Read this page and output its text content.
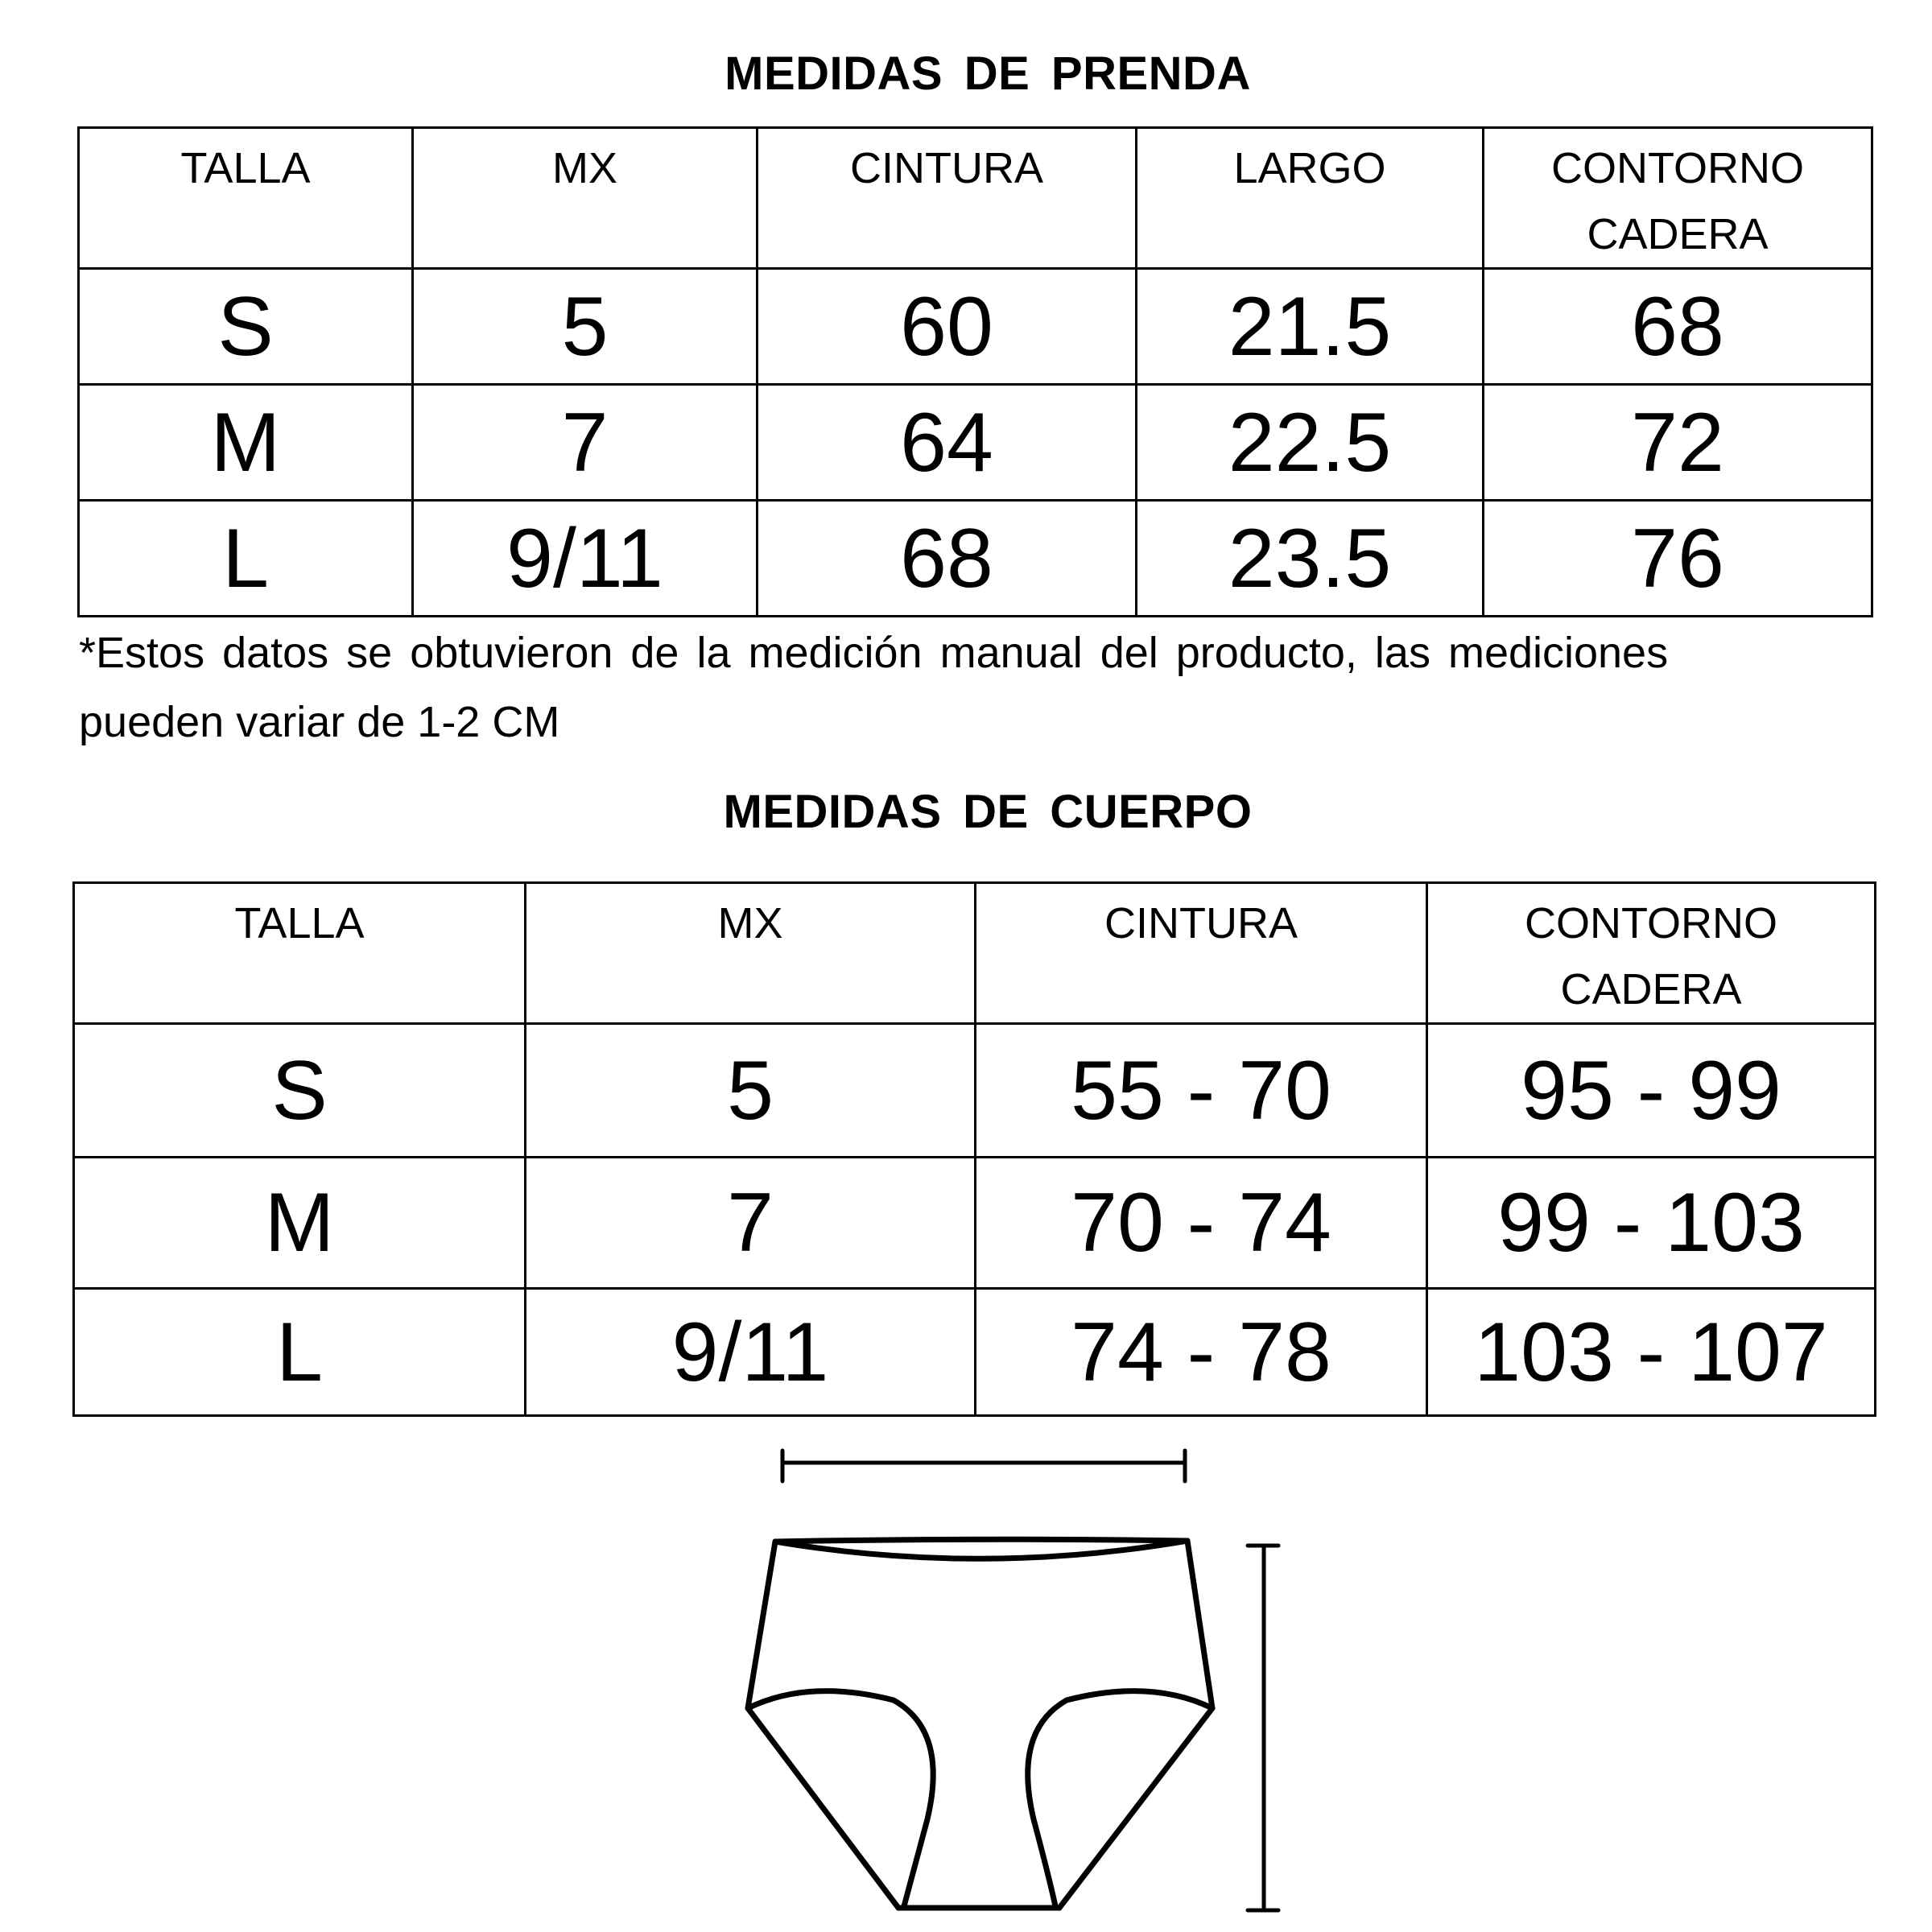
MEDIDAS DE PRENDA
TALLA	MX	CINTURA	LARGO	CONTORNO CADERA
S	5	60	21.5	68
M	7	64	22.5	72
L	9/11	68	23.5	76
*Estos datos se obtuvieron de la medición manual del producto, las mediciones
pueden variar de 1-2 CM
MEDIDAS DE CUERPO
TALLA	MX	CINTURA	CONTORNO CADERA
S	5	55 - 70	95 - 99
M	7	70 - 74	99 - 103
L	9/11	74 - 78	103 - 107
